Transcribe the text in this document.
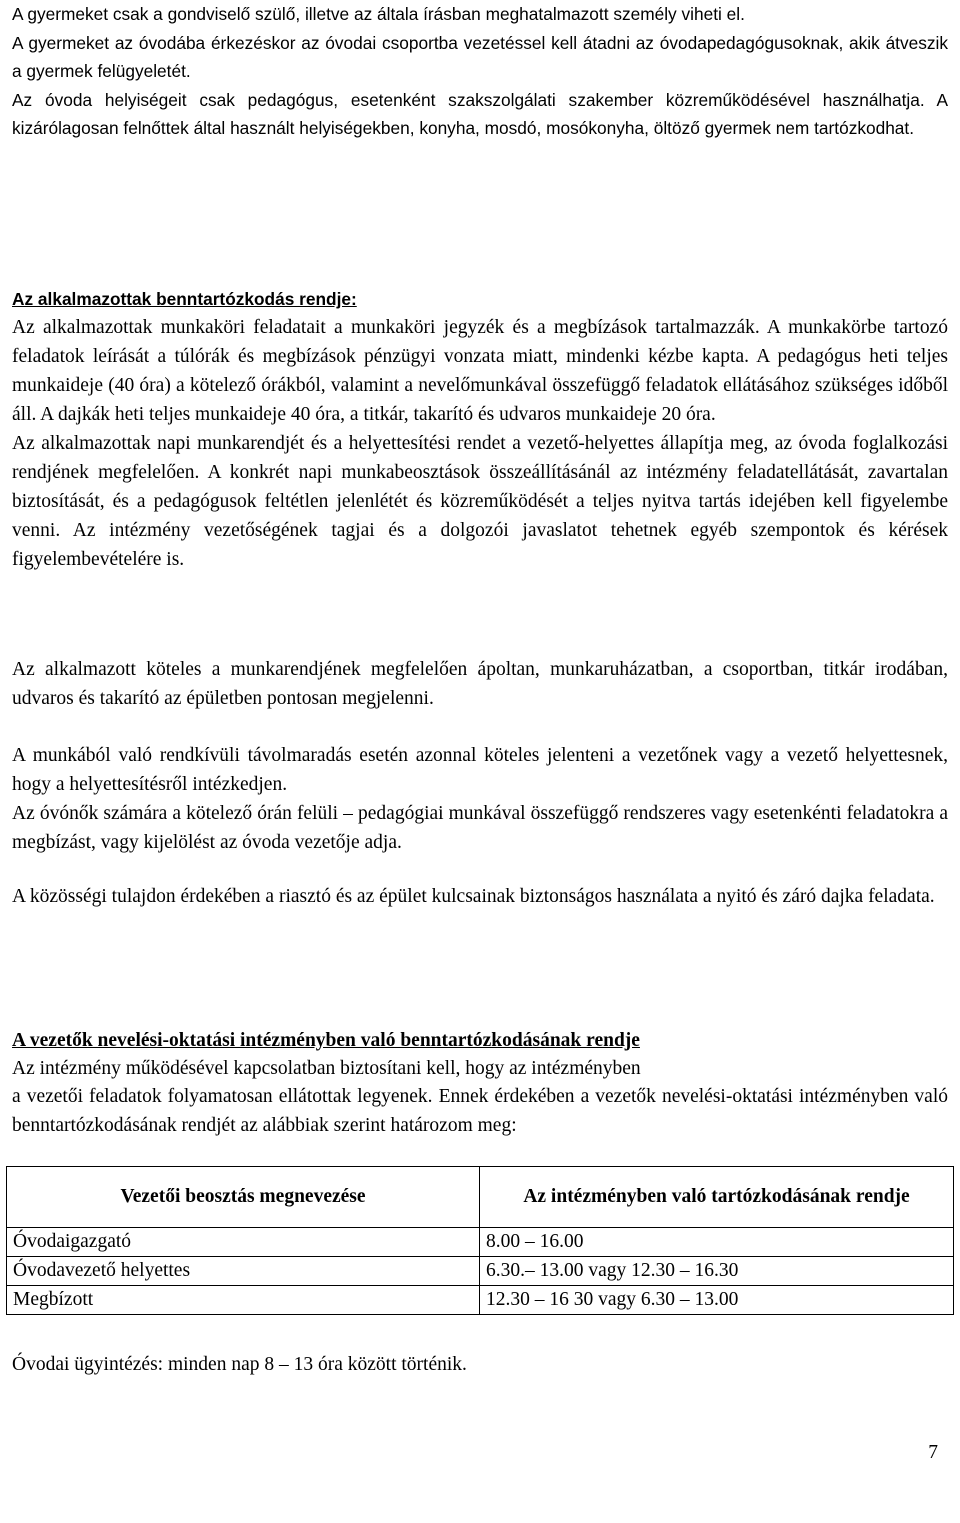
A gyermeket csak a gondviselő szülő, illetve az általa írásban meghatalmazott személy viheti el.

A gyermeket az óvodába érkezéskor az óvodai csoportba vezetéssel kell átadni az óvodapedagógusoknak, akik átveszik a gyermek felügyeletét.

Az óvoda helyiségeit csak pedagógus, esetenként szakszolgálati szakember közreműködésével használhatja. A kizárólagosan felnőttek által használt helyiségekben, konyha, mosdó, mosókonyha, öltöző gyermek nem tartózkodhat.

Az alkalmazottak benntartózkodás rendje:

Az alkalmazottak munkaköri feladatait a munkaköri jegyzék és a megbízások tartalmazzák. A munkakörbe tartozó feladatok leírását a túlórák és megbízások pénzügyi vonzata miatt, mindenki kézbe kapta. A pedagógus heti teljes munkaideje (40 óra) a kötelező órákból, valamint a nevelőmunkával összefüggő feladatok ellátásához szükséges időből áll. A dajkák heti teljes munkaideje 40 óra, a titkár, takarító és udvaros munkaideje 20 óra.

Az alkalmazottak napi munkarendjét és a helyettesítési rendet a vezető-helyettes állapítja meg, az óvoda foglalkozási rendjének megfelelően. A konkrét napi munkabeosztások összeállításánál az intézmény feladatellátását, zavartalan biztosítását, és a pedagógusok feltétlen jelenlétét és közreműködését a teljes nyitva tartás idejében kell figyelembe venni. Az intézmény vezetőségének tagjai és a dolgozói javaslatot tehetnek egyéb szempontok és kérések figyelembevételére is.

Az alkalmazott köteles a munkarendjének megfelelően ápoltan, munkaruházatban, a csoportban, titkár irodában, udvaros és takarító az épületben pontosan megjelenni.

A munkából való rendkívüli távolmaradás esetén azonnal köteles jelenteni a vezetőnek vagy a vezető helyettesnek, hogy a helyettesítésről intézkedjen.

Az óvónők számára a kötelező órán felüli – pedagógiai munkával összefüggő rendszeres vagy esetenkénti feladatokra a megbízást, vagy kijelölést az óvoda vezetője adja.

A közösségi tulajdon érdekében a riasztó és az épület kulcsainak biztonságos használata a nyitó és záró dajka feladata.

A vezetők nevelési-oktatási intézményben való benntartózkodásának rendje
Az intézmény működésével kapcsolatban biztosítani kell, hogy az intézményben

a vezetői feladatok folyamatosan ellátottak legyenek. Ennek érdekében a vezetők nevelési-oktatási intézményben való benntartózkodásának rendjét az alábbiak szerint határozom meg:

Vezetői beosztás megnevezése	Az intézményben való tartózkodásának rendje
Óvodaigazgató	8.00 – 16.00
Óvodavezető helyettes	6.30.– 13.00 vagy 12.30 – 16.30
Megbízott	12.30 – 16 30 vagy 6.30 – 13.00
Óvodai ügyintézés: minden nap 8 – 13 óra között történik.
7
